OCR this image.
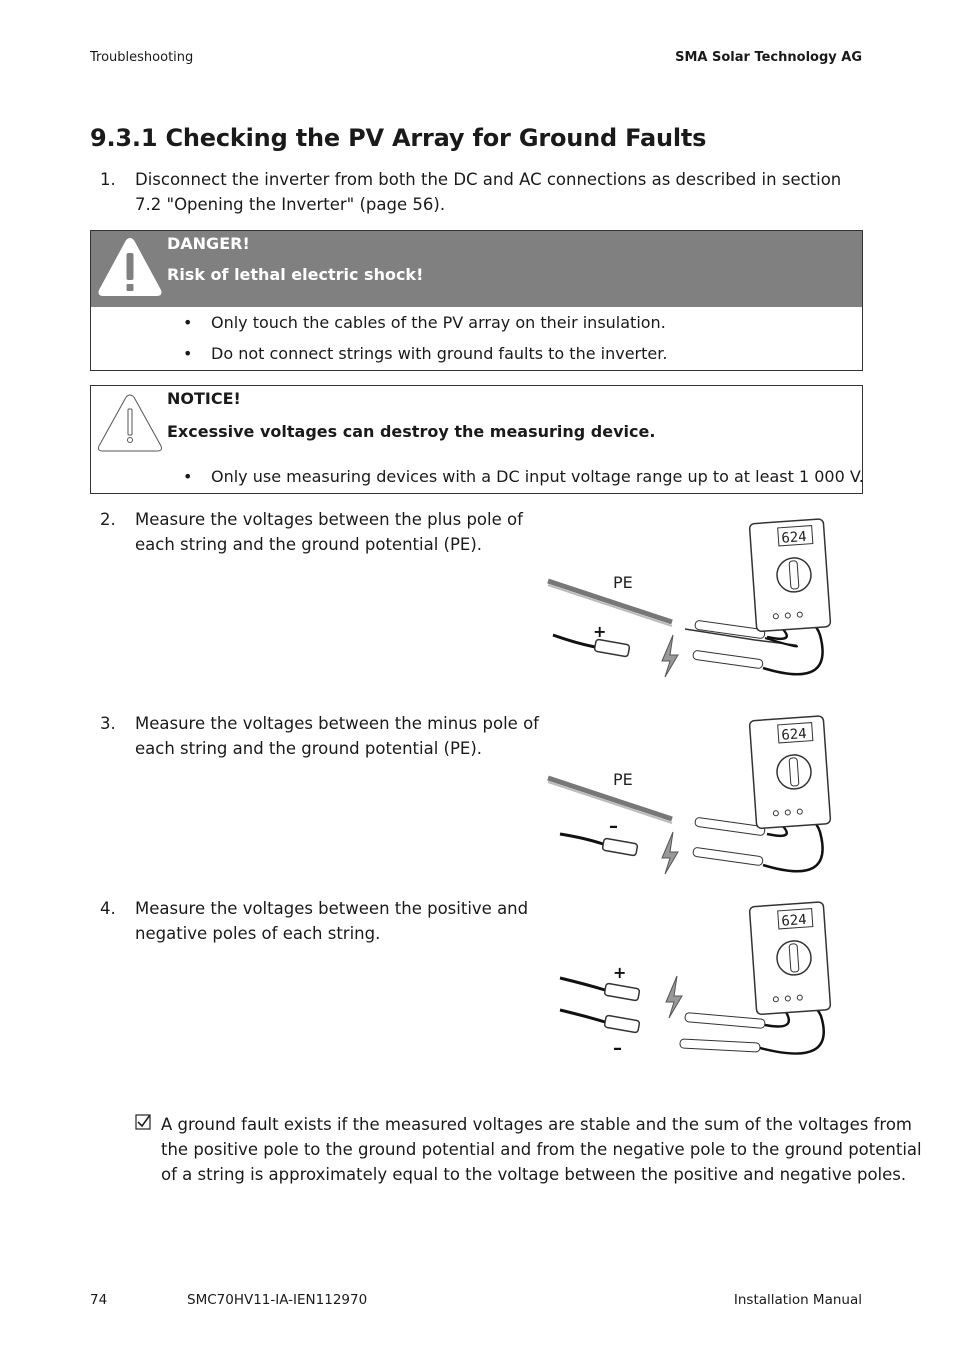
Troubleshooting	SMA Solar Technology AG
9.3.1 Checking the PV Array for Ground Faults
1. Disconnect the inverter from both the DC and AC connections as described in section
7.2 "Opening the Inverter" (page 56).
DANGER!
Risk of lethal electric shock!
• Only touch the cables of the PV array on their insulation.
• Do not connect strings with ground faults to the inverter.
NOTICE!
Excessive voltages can destroy the measuring device.
• Only use measuring devices with a DC input voltage range up to at least 1 000 V.
2. Measure the voltages between the plus pole of
each string and the ground potential (PE).
PE
+
624
3. Measure the voltages between the minus pole of
each string and the ground potential (PE).
PE
–
624
4. Measure the voltages between the positive and
negative poles of each string.
+
–
624
A ground fault exists if the measured voltages are stable and the sum of the voltages from
the positive pole to the ground potential and from the negative pole to the ground potential
of a string is approximately equal to the voltage between the positive and negative poles.
74	SMC70HV11-IA-IEN112970	Installation Manual
